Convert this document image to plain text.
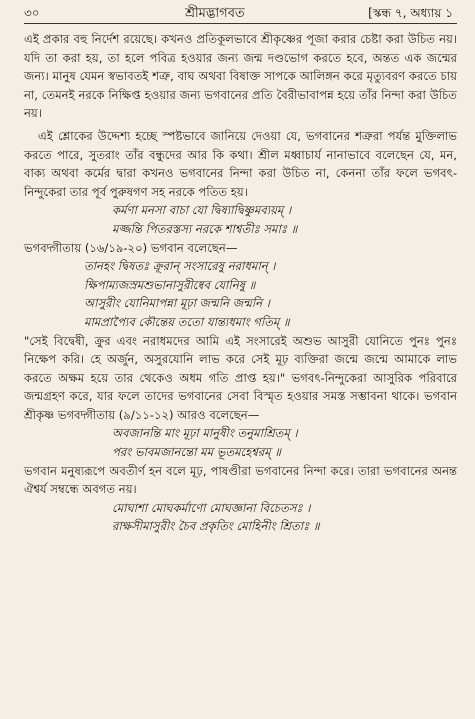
৩০	শ্রীমদ্ভাগবত	[স্কন্ধ ৭, অধ্যায় ১

এই প্রকার বহু নির্দেশ রয়েছে। কখনও প্রতিকূলভাবে শ্রীকৃষ্ণের পূজা করার চেষ্টা করা উচিত নয়। যদি তা করা হয়, তা হলে পবিত্র হওয়ার জন্য জন্ম দণ্ডভোগ করতে হবে, অন্তত এক জন্মের জন্য। মানুষ যেমন স্বভাবতই শত্রু, বাঘ অথবা বিষাক্ত সাপকে আলিঙ্গন করে মৃত্যুবরণ করতে চায় না, তেমনই নরকে নিক্ষিপ্ত হওয়ার জন্য ভগবানের প্রতি বৈরীভাবাপন্ন হয়ে তাঁর নিন্দা করা উচিত নয়।

এই শ্লোকের উদ্দেশ্য হচ্ছে স্পষ্টভাবে জানিয়ে দেওয়া যে, ভগবানের শত্রুরা পর্যন্ত মুক্তিলাভ করতে পারে, সুতরাং তাঁর বন্ধুদের আর কি কথা। শ্রীল মধ্বাচার্য নানাভাবে বলেছেন যে, মন, বাক্য অথবা কর্মের দ্বারা কখনও ভগবানের নিন্দা করা উচিত না, কেননা তাঁর ফলে ভগবৎ-নিন্দুকেরা তার পূর্ব পুরুষগণ সহ নরকে পতিত হয়।

কর্মণা মনসা বাচা যো দ্বিষ্যাদ্বিষ্ণুমব্যয়ম্ ।

মজ্জন্তি পিতরস্তস্য নরকে শাশ্বতীঃ সমাঃ ॥

ভগবদ্গীতায় (১৬/১৯-২০) ভগবান বলেছেন—

তানহং দ্বিষতঃ ক্রূরান্ সংসারেষু নরাধমান্ ।

ক্ষিপাম্যজস্রমশুভানাসুরীষ্বেব যোনিষু ॥

আসুরীং যোনিমাপন্না মূঢ়া জন্মনি জন্মনি ।

মামপ্রাপ্যৈব কৌন্তেয় ততো যান্ত্যধমাং গতিম্ ॥

"সেই বিদ্বেষী, ক্রুর এবং নরাধমদের আমি এই সংসারেই অশুভ আসুরী যোনিতে পুনঃ পুনঃ নিক্ষেপ করি। হে অর্জুন, অসুরযোনি লাভ করে সেই মূঢ় ব্যক্তিরা জন্মে জন্মে আমাকে লাভ করতে অক্ষম হয়ে তার থেকেও অধম গতি প্রাপ্ত হয়।" ভগবৎ-নিন্দুকেরা আসুরিক পরিবারে জন্মগ্রহণ করে, যার ফলে তাদের ভগবানের সেবা বিস্মৃত হওয়ার সমস্ত সম্ভাবনা থাকে। ভগবান শ্রীকৃষ্ণ ভগবদ্গীতায় (৯/১১-১২) আরও বলেছেন—

অবজানন্তি মাং মূঢ়া মানুষীং তনুমাশ্রিতম্ ।

পরং ভাবমজানন্তো মম ভূতমহেশ্বরম্ ॥

ভগবান মনুষ্যরূপে অবতীর্ণ হন বলে মূঢ়, পাষণ্ডীরা ভগবানের নিন্দা করে। তারা ভগবানের অনন্ত ঐশ্বর্য সম্বন্ধে অবগত নয়।

মোঘাশা মোঘকর্মাণো মোঘজ্ঞানা বিচেতসঃ ।

রাক্ষসীমাসুরীং চৈব প্রকৃতিং মোহিনীং শ্রিতাঃ ॥
